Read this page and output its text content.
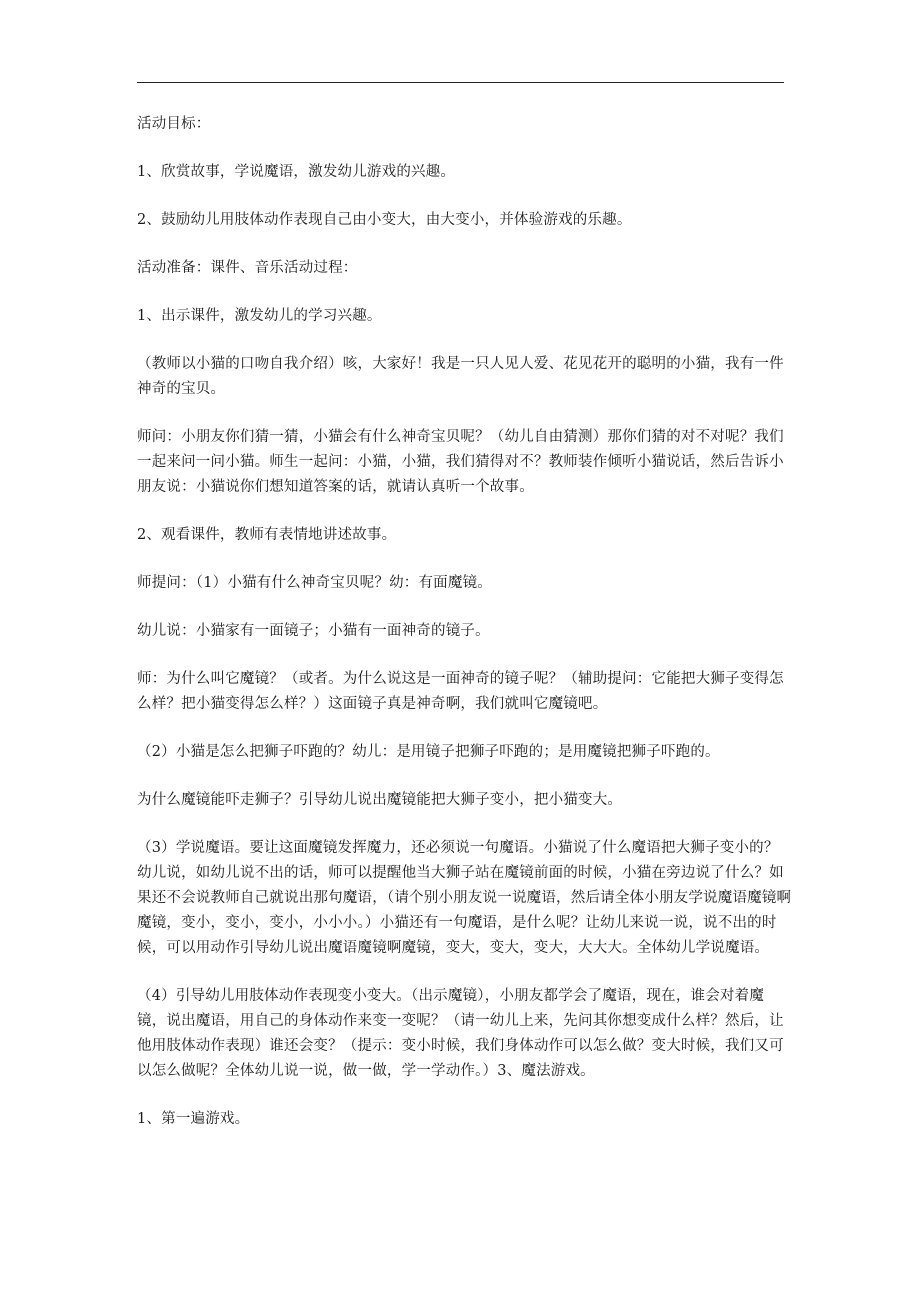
活动目标：

1、欣赏故事，学说魔语，激发幼儿游戏的兴趣。

2、鼓励幼儿用肢体动作表现自己由小变大，由大变小，并体验游戏的乐趣。

活动准备：课件、音乐活动过程：

1、出示课件，激发幼儿的学习兴趣。

（教师以小猫的口吻自我介绍）咳，大家好！我是一只人见人爱、花见花开的聪明的小猫，我有一件神奇的宝贝。

师问：小朋友你们猜一猜，小猫会有什么神奇宝贝呢？（幼儿自由猜测）那你们猜的对不对呢？我们一起来问一问小猫。师生一起问：小猫，小猫，我们猜得对不？教师装作倾听小猫说话，然后告诉小朋友说：小猫说你们想知道答案的话，就请认真听一个故事。

2、观看课件，教师有表情地讲述故事。

师提问：（1）小猫有什么神奇宝贝呢？幼：有面魔镜。

幼儿说：小猫家有一面镜子；小猫有一面神奇的镜子。

师：为什么叫它魔镜？（或者。为什么说这是一面神奇的镜子呢？（辅助提问：它能把大狮子变得怎么样？把小猫变得怎么样？）这面镜子真是神奇啊，我们就叫它魔镜吧。

（2）小猫是怎么把狮子吓跑的？幼儿：是用镜子把狮子吓跑的；是用魔镜把狮子吓跑的。

为什么魔镜能吓走狮子？引导幼儿说出魔镜能把大狮子变小，把小猫变大。

（3）学说魔语。要让这面魔镜发挥魔力，还必须说一句魔语。小猫说了什么魔语把大狮子变小的？幼儿说，如幼儿说不出的话，师可以提醒他当大狮子站在魔镜前面的时候，小猫在旁边说了什么？如果还不会说教师自己就说出那句魔语，（请个别小朋友说一说魔语，然后请全体小朋友学说魔语魔镜啊魔镜，变小，变小，变小，小小小。）小猫还有一句魔语，是什么呢？让幼儿来说一说，说不出的时候，可以用动作引导幼儿说出魔语魔镜啊魔镜，变大，变大，变大，大大大。全体幼儿学说魔语。

（4）引导幼儿用肢体动作表现变小变大。（出示魔镜），小朋友都学会了魔语，现在，谁会对着魔镜，说出魔语，用自己的身体动作来变一变呢？（请一幼儿上来，先问其你想变成什么样？然后，让他用肢体动作表现）谁还会变？（提示：变小时候，我们身体动作可以怎么做？变大时候，我们又可以怎么做呢？全体幼儿说一说，做一做，学一学动作。）3、魔法游戏。

1、第一遍游戏。
